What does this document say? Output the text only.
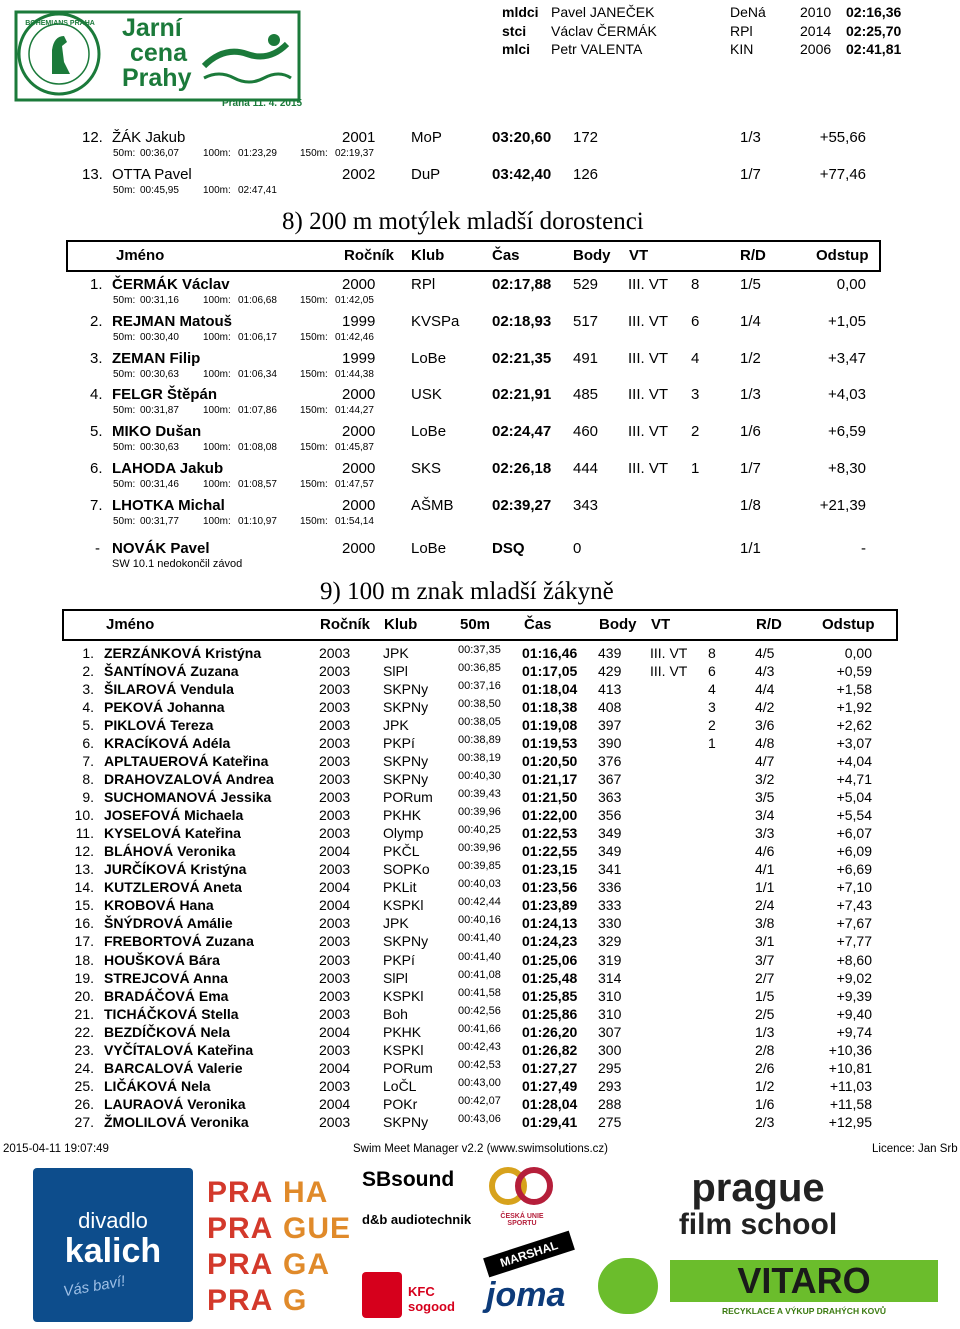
BOHEMIANS PRAHA Jarní
cena
Prahy
Praha 11. 4. 2015
mldci Pavel JANEČEK	DeNá 2010 02:16,36
stci Václav ČERMÁK	RPl	2014 02:25,70
mlci Petr VALENTA	KIN	2006 02:41,81
12. ŽÁK Jakub	2001 MoP	03:20,60 172	1/3	+55,66
50m: 00:36,07 100m: 01:23,29 150m: 02:19,37
13. OTTA Pavel	2002 DuP	03:42,40 126	1/7	+77,46
50m: 00:45,95 100m: 02:47,41
8) 200 m motýlek mladší dorostenci
Jméno	Ročník Klub	Čas	Body VT	R/D	Odstup
1. ČERMÁK Václav	2000 RPl	02:17,88 529 III. VT 8	1/5	0,00
50m: 00:31,16 100m: 01:06,68 150m: 01:42,05
2. REJMAN Matouš	1999 KVSPa 02:18,93 517 III. VT 6	1/4	+1,05
50m: 00:30,40 100m: 01:06,17 150m: 01:42,46
3. ZEMAN Filip	1999 LoBe	02:21,35 491 III. VT 4	1/2	+3,47
50m: 00:30,63 100m: 01:06,34 150m: 01:44,38
4. FELGR Štěpán	2000 USK	02:21,91 485 III. VT 3	1/3	+4,03
50m: 00:31,87 100m: 01:07,86 150m: 01:44,27
5. MIKO Dušan	2000 LoBe	02:24,47 460 III. VT 2	1/6	+6,59
50m: 00:30,63 100m: 01:08,08 150m: 01:45,87
6. LAHODA Jakub	2000 SKS	02:26,18 444 III. VT 1	1/7	+8,30
50m: 00:31,46 100m: 01:08,57 150m: 01:47,57
7. LHOTKA Michal	2000 AŠMB	02:39,27 343	1/8	+21,39
50m: 00:31,77 100m: 01:10,97 150m: 01:54,14
- NOVÁK Pavel	2000 LoBe	DSQ	0	1/1	-
SW 10.1 nedokončil závod
9) 100 m znak mladší žákyně
Jméno	Ročník Klub	50m Čas	Body VT	R/D	Odstup
1. ZERZÁNKOVÁ Kristýna	2003 JPK	00:37,35 01:16,46 439 III. VT 8	4/5	0,00
2. ŠANTÍNOVÁ Zuzana	2003 SlPl	00:36,85 01:17,05 429 III. VT 6	4/3	+0,59
3. ŠILAROVÁ Vendula	2003 SKPNy	00:37,16 01:18,04 413	4	4/4	+1,58
4. PEKOVÁ Johanna	2003 SKPNy	00:38,50 01:18,38 408	3	4/2	+1,92
5. PIKLOVÁ Tereza	2003 JPK	00:38,05 01:19,08 397	2	3/6	+2,62
6. KRACÍKOVÁ Adéla	2003 PKPí	00:38,89 01:19,53 390	1	4/8	+3,07
7. APLTAUEROVÁ Kateřina	2003 SKPNy	00:38,19 01:20,50 376	4/7	+4,04
8. DRAHOVZALOVÁ Andrea	2003 SKPNy	00:40,30 01:21,17 367	3/2	+4,71
9. SUCHOMANOVÁ Jessika	2003 PORum 00:39,43 01:21,50 363	3/5	+5,04
10. JOSEFOVÁ Michaela	2003 PKHK	00:39,96 01:22,00 356	3/4	+5,54
11. KYSELOVÁ Kateřina	2003 Olymp	00:40,25 01:22,53 349	3/3	+6,07
12. BLÁHOVÁ Veronika	2004 PKČL	00:39,96 01:22,55 349	4/6	+6,09
13. JURČÍKOVÁ Kristýna	2003 SOPKo	00:39,85 01:23,15 341	4/1	+6,69
14. KUTZLEROVÁ Aneta	2004 PKLit	00:40,03 01:23,56 336	1/1	+7,10
15. KROBOVÁ Hana	2004 KSPKl	00:42,44 01:23,89 333	2/4	+7,43
16. ŠNÝDROVÁ Amálie	2003 JPK	00:40,16 01:24,13 330	3/8	+7,67
17. FREBORTOVÁ Zuzana	2003 SKPNy	00:41,40 01:24,23 329	3/1	+7,77
18. HOUŠKOVÁ Bára	2003 PKPí	00:41,40 01:25,06 319	3/7	+8,60
19. STREJCOVÁ Anna	2003 SlPl	00:41,08 01:25,48 314	2/7	+9,02
20. BRADÁČOVÁ Ema	2003 KSPKl	00:41,58 01:25,85 310	1/5	+9,39
21. TICHÁČKOVÁ Stella	2003 Boh	00:42,56 01:25,86 310	2/5	+9,40
22. BEZDÍČKOVÁ Nela	2004 PKHK	00:41,66 01:26,20 307	1/3	+9,74
23. VYČÍTALOVÁ Kateřina	2003 KSPKl	00:42,43 01:26,82 300	2/8	+10,36
24. BARCALOVÁ Valerie	2004 PORum 00:42,53 01:27,27 295	2/6	+10,81
25. LIČÁKOVÁ Nela	2003 LoČL	00:43,00 01:27,49 293	1/2	+11,03
26. LAURAOVÁ Veronika	2004 POKr	00:42,07 01:28,04 288	1/6	+11,58
27. ŽMOLILOVÁ Veronika	2003 SKPNy	00:43,06 01:29,41 275	2/3	+12,95
2015-04-11 19:07:49	Swim Meet Manager v2.2 (www.swimsolutions.cz)	Licence: Jan Srb
divadlo
kalich
Vás baví!
PRA HA
PRA GUE
PRA GA
PRA G
SBsound
d&b audiotechnik	ČESKÁ UNIE SPORTU
MARSHAL
KFC sogood joma
prague
film school
VITARO
RECYKLACE A VÝKUP DRAHÝCH KOVŮ
